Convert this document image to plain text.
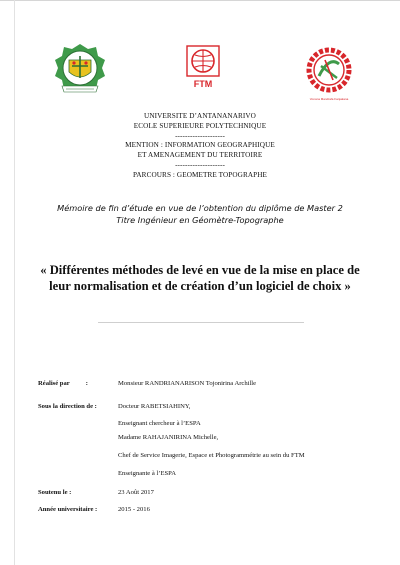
FTM
Vonona Mandrafa Fanjakana
UNIVERSITE D’ANTANANARIVO
ECOLE SUPERIEURE POLYTECHNIQUE
--------------------
MENTION : INFORMATION GEOGRAPHIQUE
ET AMENAGEMENT DU TERRITOIRE
--------------------
PARCOURS : GEOMETRE TOPOGRAPHE
Mémoire de fin d’étude en vue de l’obtention du diplôme de Master 2
Titre Ingénieur en Géomètre-Topographe
« Différentes méthodes de levé en vue de la mise en place de
leur normalisation et de création d’un logiciel de choix »
Réalisé par :	Monsieur RANDRIANARISON Tojonirina Archille
Sous la direction de :	Docteur RABETSIAHINY,
Enseignant chercheur à l’ESPA
Madame RAHAJANIRINA Michelle,
Chef de Service Imagerie, Espace et Photogrammétrie au sein du FTM
Enseignante à l’ESPA
Soutenu le :	23 Août 2017
Année universitaire :	2015 - 2016
